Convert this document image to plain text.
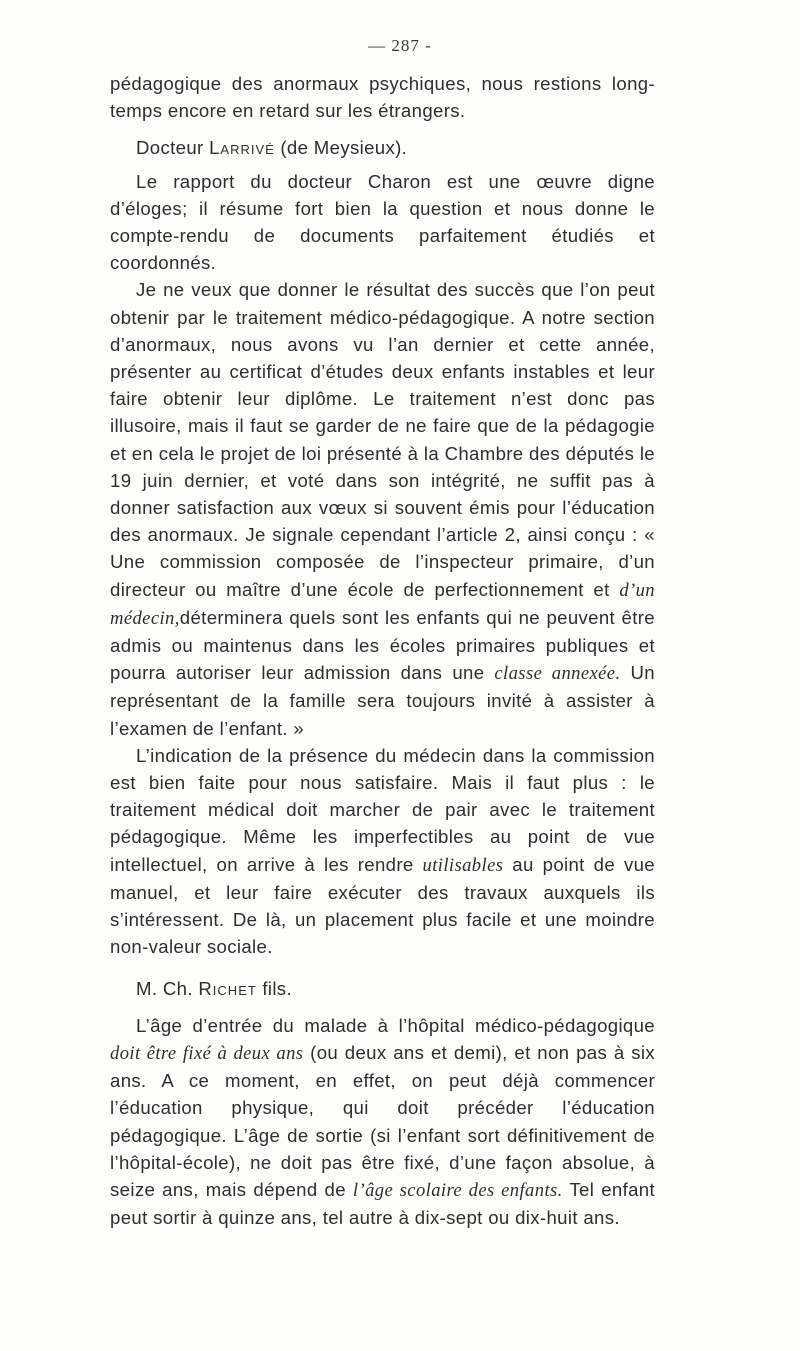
— 287 -

pédagogique des anormaux psychiques, nous restions long-temps encore en retard sur les étrangers.

Docteur Larrivé (de Meysieux).

Le rapport du docteur Charon est une œuvre digne d’éloges; il résume fort bien la question et nous donne le compte-rendu de documents parfaitement étudiés et coordonnés.

Je ne veux que donner le résultat des succès que l’on peut obtenir par le traitement médico-pédagogique. A notre section d’anormaux, nous avons vu l’an dernier et cette année, présenter au certificat d’études deux enfants instables et leur faire obtenir leur diplôme. Le traitement n’est donc pas illusoire, mais il faut se garder de ne faire que de la pédagogie et en cela le projet de loi présenté à la Chambre des députés le 19 juin dernier, et voté dans son intégrité, ne suffit pas à donner satisfaction aux vœux si souvent émis pour l’éducation des anormaux. Je signale cependant l’article 2, ainsi conçu : « Une commission composée de l’inspecteur primaire, d’un directeur ou maître d’une école de perfectionnement et d’un médecin,déterminera quels sont les enfants qui ne peuvent être admis ou maintenus dans les écoles primaires publiques et pourra autoriser leur admission dans une classe annexée. Un représentant de la famille sera toujours invité à assister à l’examen de l’enfant. »

L’indication de la présence du médecin dans la commission est bien faite pour nous satisfaire. Mais il faut plus : le traitement médical doit marcher de pair avec le traitement pédagogique. Même les imperfectibles au point de vue intellectuel, on arrive à les rendre utilisables au point de vue manuel, et leur faire exécuter des travaux auxquels ils s’intéressent. De là, un placement plus facile et une moindre non-valeur sociale.

M. Ch. Richet fils.

L’âge d’entrée du malade à l’hôpital médico-pédagogique doit être fixé à deux ans (ou deux ans et demi), et non pas à six ans. A ce moment, en effet, on peut déjà commencer l’éducation physique, qui doit précéder l’éducation pédagogique. L’âge de sortie (si l’enfant sort définitivement de l’hôpital-école), ne doit pas être fixé, d’une façon absolue, à seize ans, mais dépend de l’âge scolaire des enfants. Tel enfant peut sortir à quinze ans, tel autre à dix-sept ou dix-huit ans.
